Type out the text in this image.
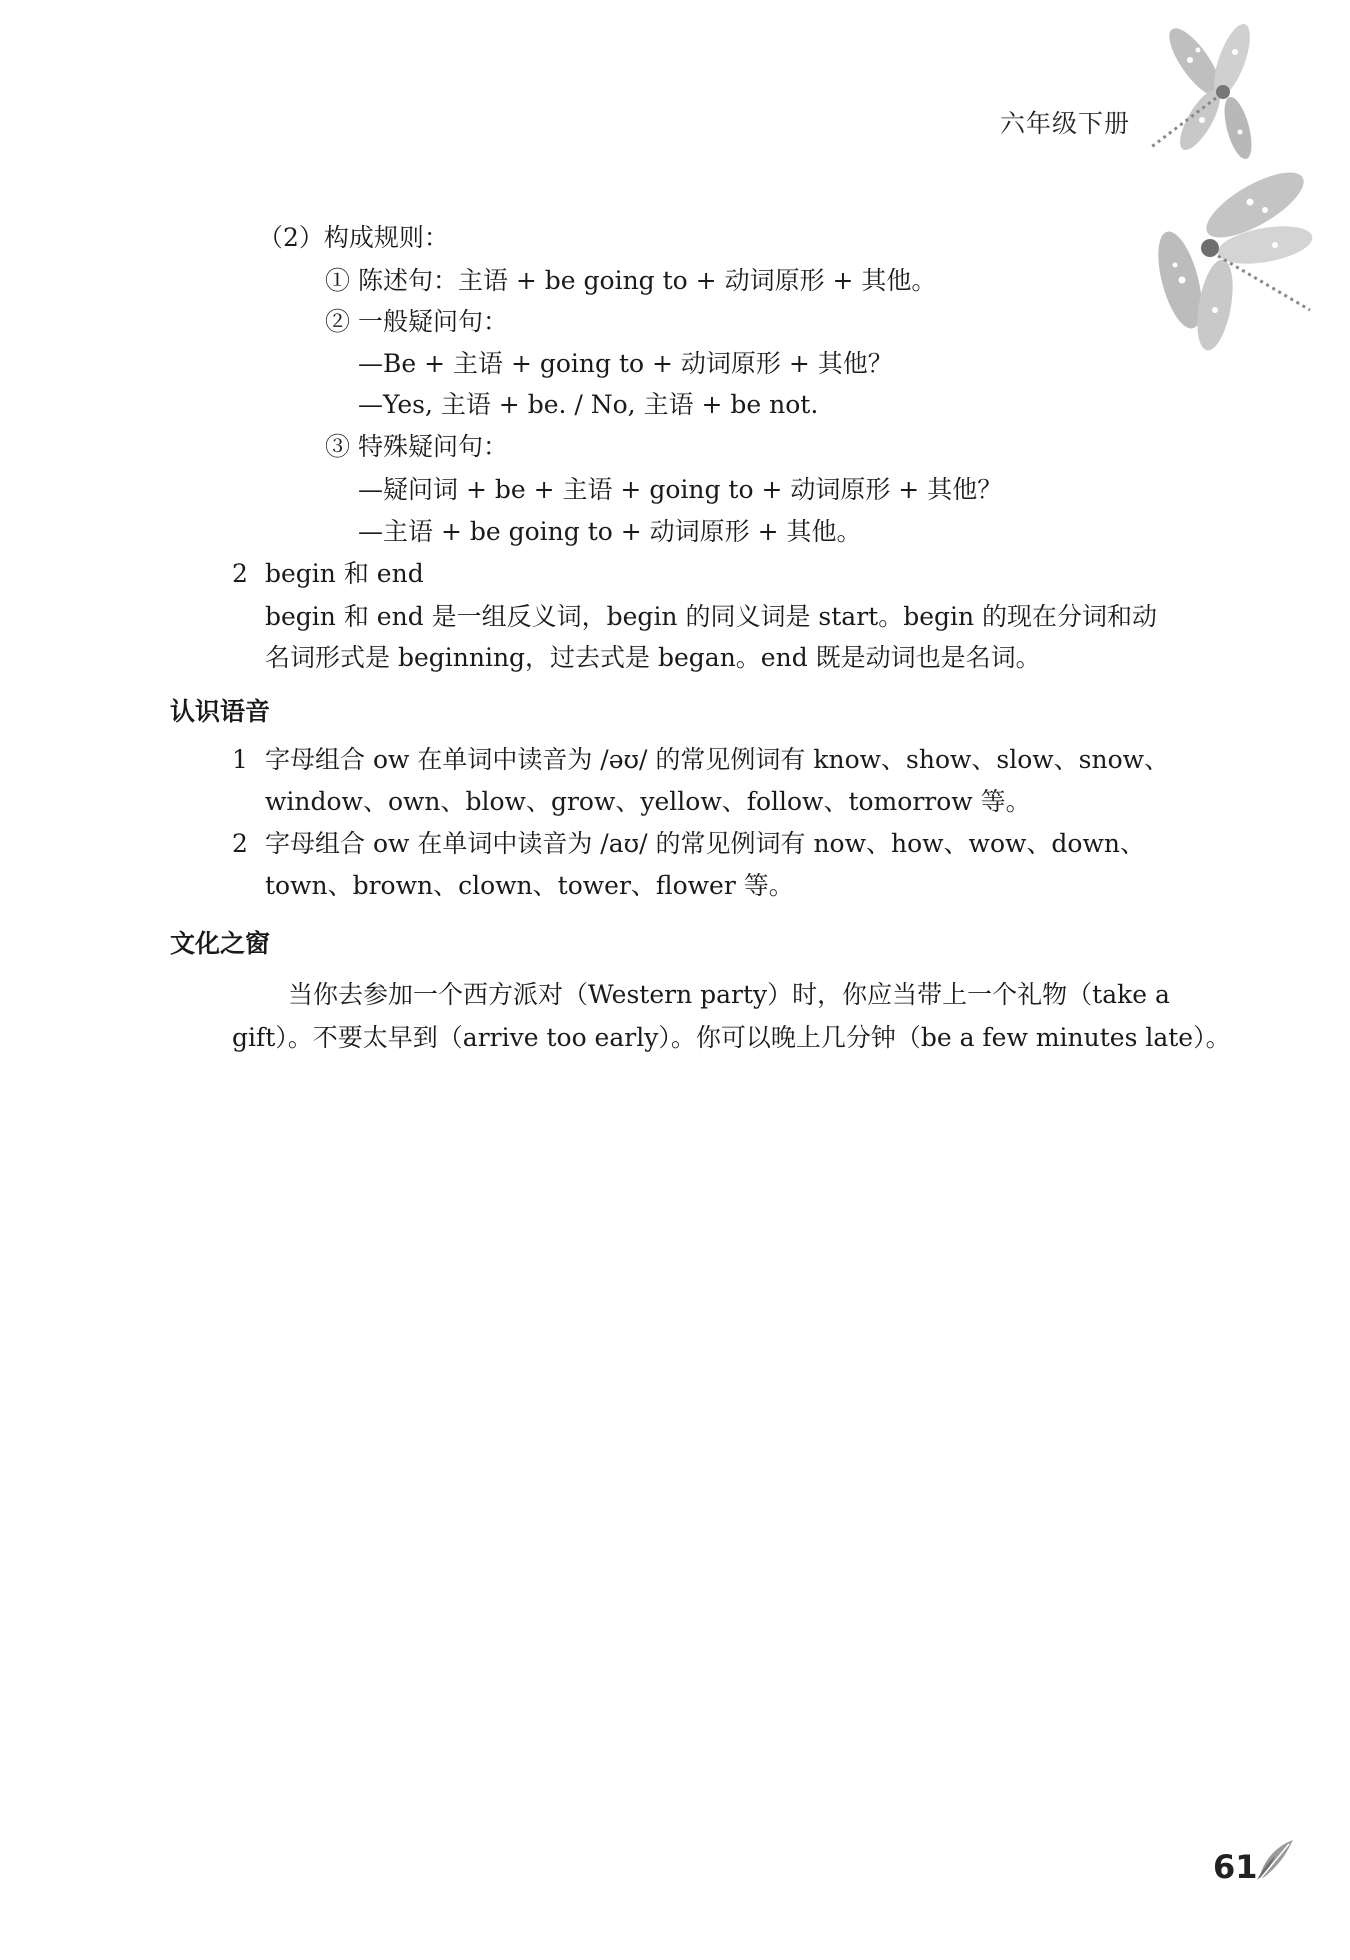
六年级下册
（2）构成规则：
① 陈述句：主语 + be going to + 动词原形 + 其他。
② 一般疑问句：
—Be + 主语 + going to + 动词原形 + 其他？
—Yes, 主语 + be. / No, 主语 + be not.
③ 特殊疑问句：
—疑问词 + be + 主语 + going to + 动词原形 + 其他？
—主语 + be going to + 动词原形 + 其他。
2 begin 和 end
begin 和 end 是一组反义词，begin 的同义词是 start。begin 的现在分词和动
名词形式是 beginning，过去式是 began。end 既是动词也是名词。
认识语音
1 字母组合 ow 在单词中读音为 /əʊ/ 的常见例词有 know、show、slow、snow、
window、own、blow、grow、yellow、follow、tomorrow 等。
2 字母组合 ow 在单词中读音为 /aʊ/ 的常见例词有 now、how、wow、down、
town、brown、clown、tower、flower 等。
文化之窗
当你去参加一个西方派对（Western party）时，你应当带上一个礼物（take a
gift）。不要太早到（arrive too early）。你可以晚上几分钟（be a few minutes late）。
61
